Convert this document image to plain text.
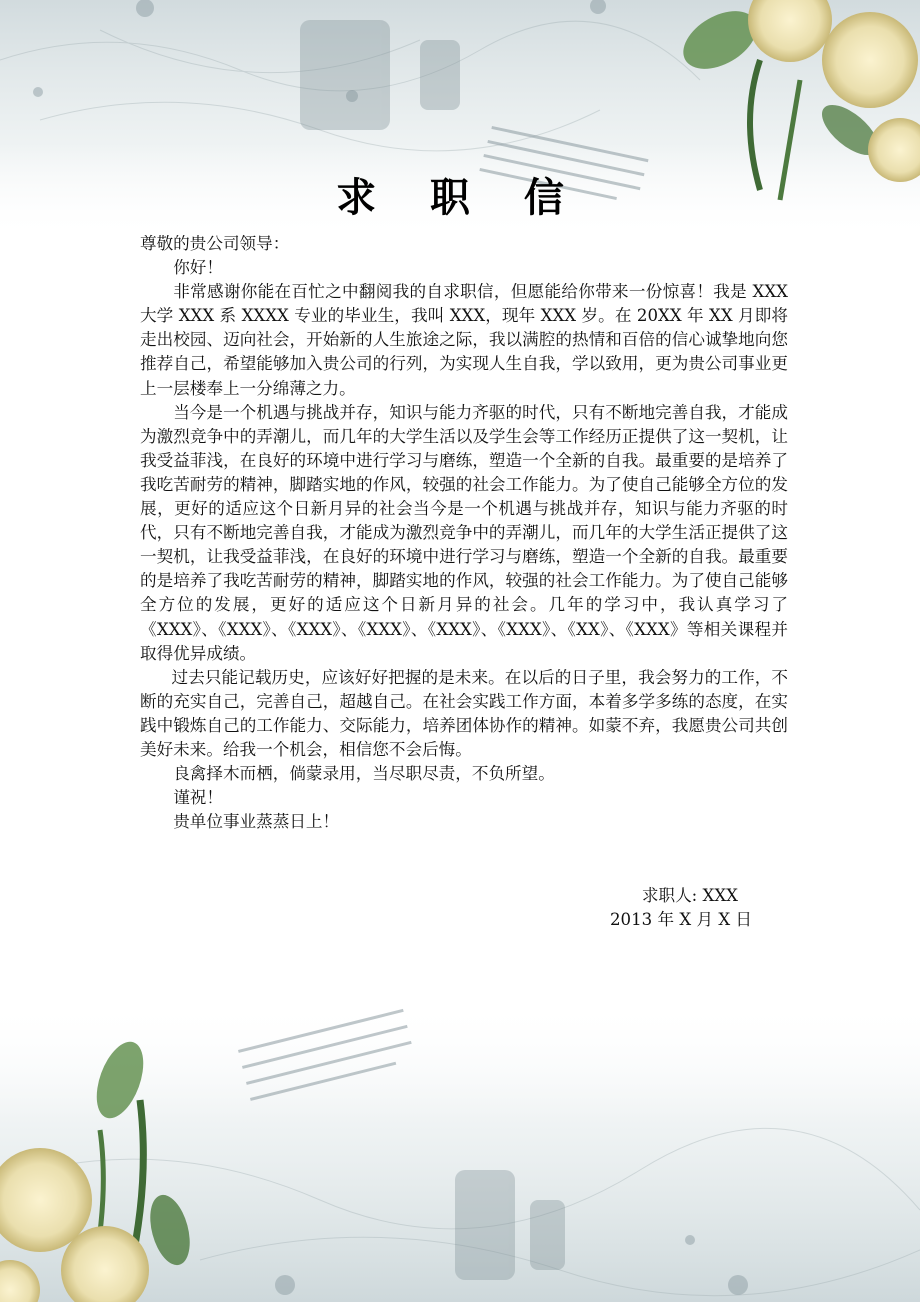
求 职 信

尊敬的贵公司领导：

你好！

非常感谢你能在百忙之中翻阅我的自求职信，但愿能给你带来一份惊喜！我是 XXX 大学 XXX 系 XXXX 专业的毕业生，我叫 XXX，现年 XXX 岁。在 20XX 年 XX 月即将走出校园、迈向社会，开始新的人生旅途之际，我以满腔的热情和百倍的信心诚挚地向您推荐自己，希望能够加入贵公司的行列，为实现人生自我，学以致用，更为贵公司事业更上一层楼奉上一分绵薄之力。

当今是一个机遇与挑战并存，知识与能力齐驱的时代，只有不断地完善自我，才能成为激烈竞争中的弄潮儿，而几年的大学生活以及学生会等工作经历正提供了这一契机，让我受益菲浅，在良好的环境中进行学习与磨练，塑造一个全新的自我。最重要的是培养了我吃苦耐劳的精神，脚踏实地的作风，较强的社会工作能力。为了使自己能够全方位的发展，更好的适应这个日新月异的社会当今是一个机遇与挑战并存，知识与能力齐驱的时代，只有不断地完善自我，才能成为激烈竞争中的弄潮儿，而几年的大学生活正提供了这一契机，让我受益菲浅，在良好的环境中进行学习与磨练，塑造一个全新的自我。最重要的是培养了我吃苦耐劳的精神，脚踏实地的作风，较强的社会工作能力。为了使自己能够全方位的发展，更好的适应这个日新月异的社会。几年的学习中，我认真学习了《XXX》、《XXX》、《XXX》、《XXX》、《XXX》、《XXX》、《XX》、《XXX》等相关课程并取得优异成绩。

过去只能记载历史，应该好好把握的是未来。在以后的日子里，我会努力的工作，不断的充实自己，完善自己，超越自己。在社会实践工作方面，本着多学多练的态度，在实践中锻炼自己的工作能力、交际能力，培养团体协作的精神。如蒙不弃，我愿贵公司共创美好未来。给我一个机会，相信您不会后悔。

良禽择木而栖，倘蒙录用，当尽职尽责，不负所望。

谨祝！

贵单位事业蒸蒸日上！

求职人: XXX
2013 年 X 月 X 日
